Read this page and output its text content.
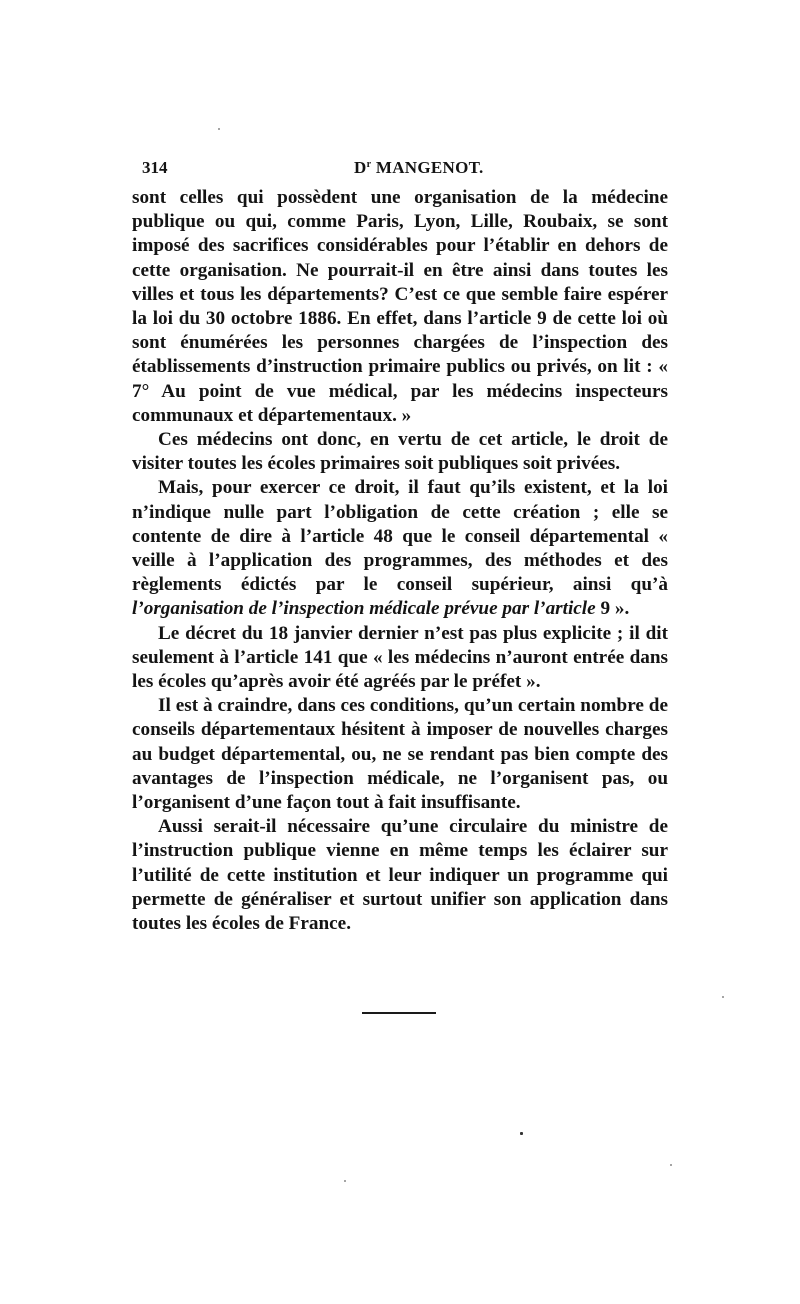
314	$D^r$ MANGENOT.

sont celles qui possèdent une organisation de la médecine publique ou qui, comme Paris, Lyon, Lille, Roubaix, se sont imposé des sacrifices considérables pour l’établir en dehors de cette organisation. Ne pourrait-il en être ainsi dans toutes les villes et tous les départements? C’est ce que semble faire espérer la loi du 30 octobre 1886. En effet, dans l’article 9 de cette loi où sont énumérées les personnes chargées de l’inspection des établissements d’instruction primaire publics ou privés, on lit : « 7° Au point de vue médical, par les médecins inspecteurs communaux et départementaux. »

Ces médecins ont donc, en vertu de cet article, le droit de visiter toutes les écoles primaires soit publiques soit privées.

Mais, pour exercer ce droit, il faut qu’ils existent, et la loi n’indique nulle part l’obligation de cette création ; elle se contente de dire à l’article 48 que le conseil départemental « veille à l’application des programmes, des méthodes et des règlements édictés par le conseil supérieur, ainsi qu’à l’organisation de l’inspection médicale prévue par l’article 9 ».

Le décret du 18 janvier dernier n’est pas plus explicite ; il dit seulement à l’article 141 que « les médecins n’auront entrée dans les écoles qu’après avoir été agréés par le préfet ».

Il est à craindre, dans ces conditions, qu’un certain nombre de conseils départementaux hésitent à imposer de nouvelles charges au budget départemental, ou, ne se rendant pas bien compte des avantages de l’inspection médicale, ne l’organisent pas, ou l’organisent d’une façon tout à fait insuffisante.

Aussi serait-il nécessaire qu’une circulaire du ministre de l’instruction publique vienne en même temps les éclairer sur l’utilité de cette institution et leur indiquer un programme qui permette de généraliser et surtout unifier son application dans toutes les écoles de France.
